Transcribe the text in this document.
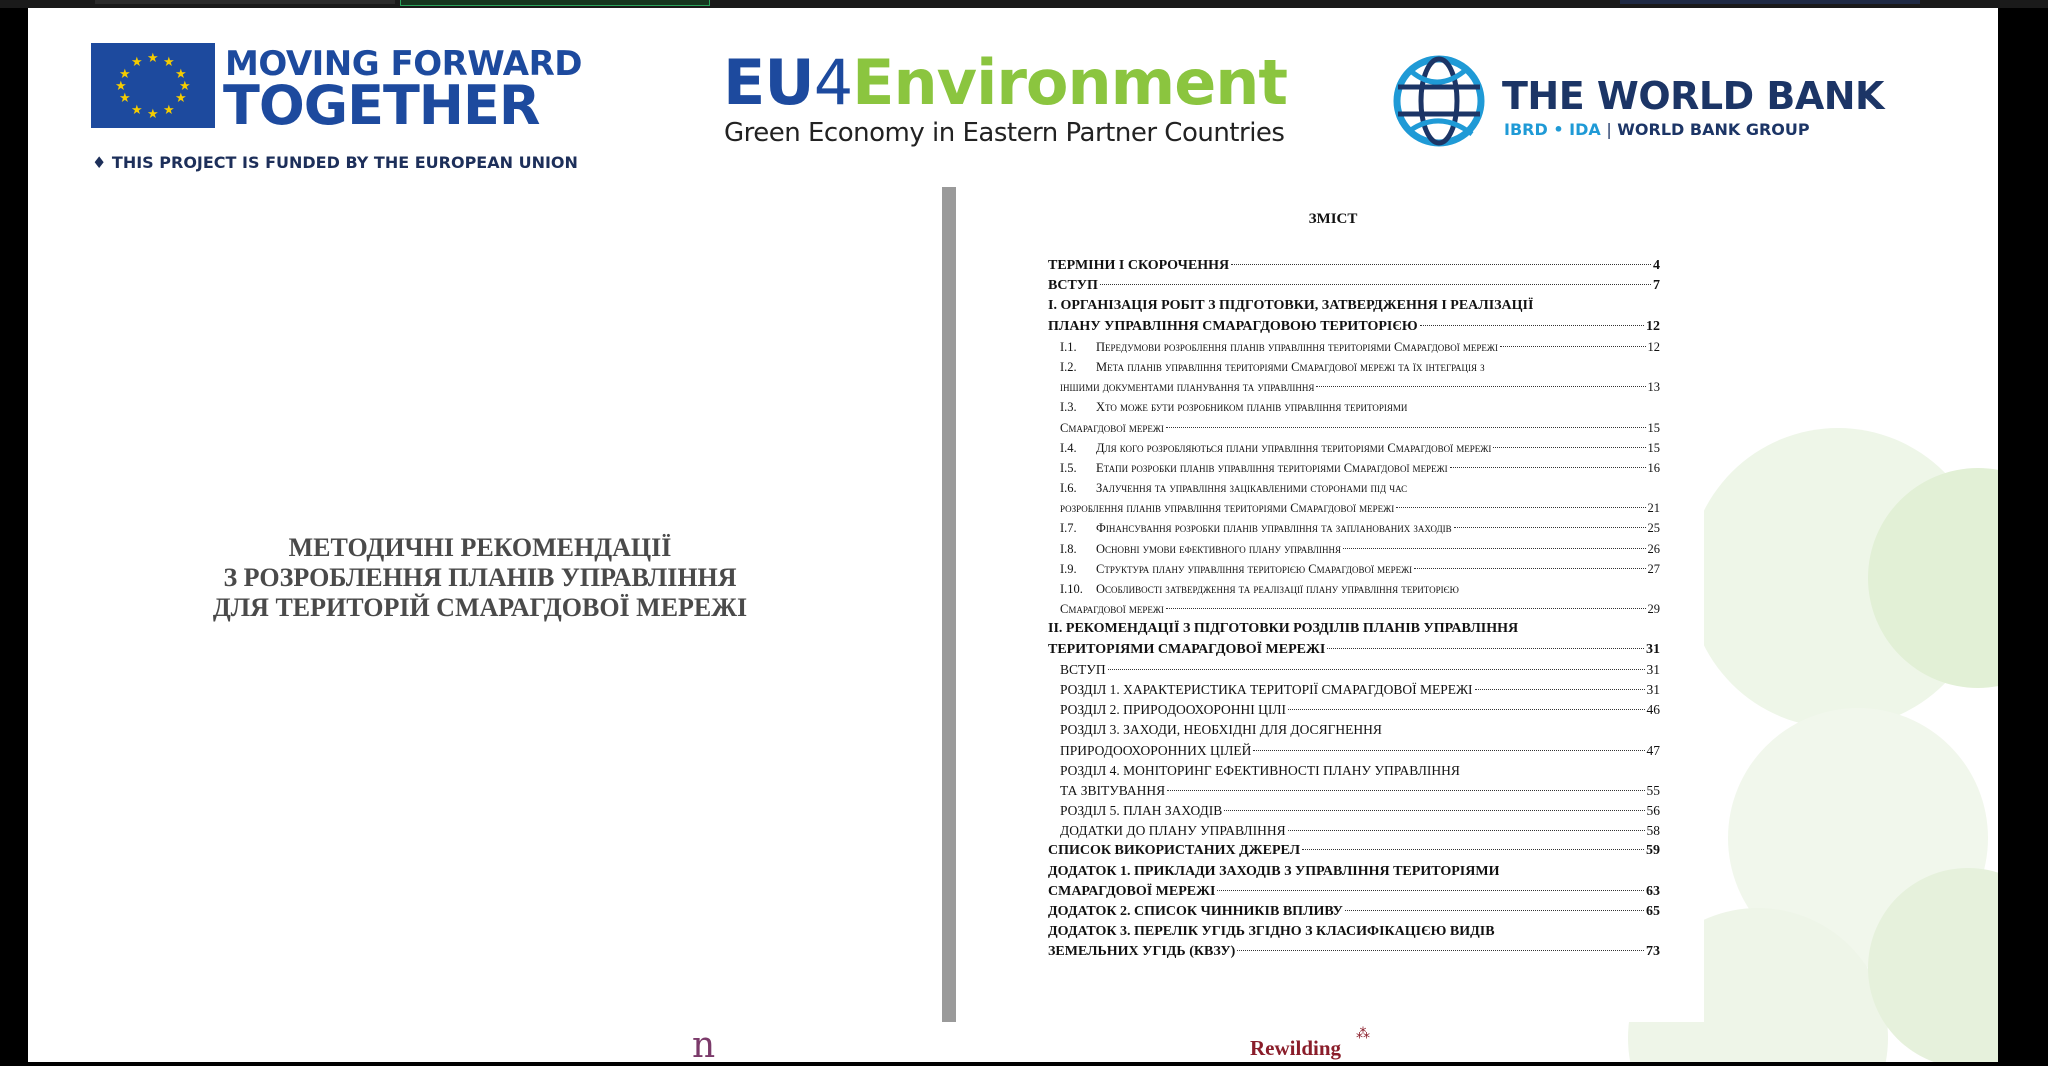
★ ★
★
★
★
★
★
★
★
★
★
★ MOVING FORWARD
TOGETHER
♦ THIS PROJECT IS FUNDED BY THE EUROPEAN UNION
EU4Environment
Green Economy in Eastern Partner Countries
THE WORLD BANK
IBRD • IDA | WORLD BANK GROUP
МЕТОДИЧНІ РЕКОМЕНДАЦІЇ
З РОЗРОБЛЕННЯ ПЛАНІВ УПРАВЛІННЯ
ДЛЯ ТЕРИТОРІЙ СМАРАГДОВОЇ МЕРЕЖІ
ЗМІСТ
ТЕРМІНИ І СКОРОЧЕННЯ	4
ВСТУП	7
І. ОРГАНІЗАЦІЯ РОБІТ З ПІДГОТОВКИ, ЗАТВЕРДЖЕННЯ І РЕАЛІЗАЦІЇ
ПЛАНУ УПРАВЛІННЯ СМАРАГДОВОЮ ТЕРИТОРІЄЮ	12
І.1. Передумови розроблення планів управління територіями Смарагдової мережі	12
І.2. Мета планів управління територіями Смарагдової мережі та їх інтеграція з
іншими документами планування та управління	13
І.3. Хто може бути розробником планів управління територіями
Смарагдової мережі	15
І.4. Для кого розробляються плани управління територіями Смарагдової мережі	15
І.5. Етапи розробки планів управління територіями Смарагдової мережі	16
І.6. Залучення та управління зацікавленими сторонами під час
розроблення планів управління територіями Смарагдової мережі	21
І.7. Фінансування розробки планів управління та запланованих заходів	25
І.8. Основні умови ефективного плану управління	26
І.9. Структура плану управління територією Смарагдової мережі	27
І.10. Особливості затвердження та реалізації плану управління територією
Смарагдової мережі	29
ІІ. РЕКОМЕНДАЦІЇ З ПІДГОТОВКИ РОЗДІЛІВ ПЛАНІВ УПРАВЛІННЯ
ТЕРИТОРІЯМИ СМАРАГДОВОЇ МЕРЕЖІ	31
ВСТУП	31
РОЗДІЛ 1. ХАРАКТЕРИСТИКА ТЕРИТОРІЇ СМАРАГДОВОЇ МЕРЕЖІ	31
РОЗДІЛ 2. ПРИРОДООХОРОННІ ЦІЛІ	46
РОЗДІЛ 3. ЗАХОДИ, НЕОБХІДНІ ДЛЯ ДОСЯГНЕННЯ
ПРИРОДООХОРОННИХ ЦІЛЕЙ	47
РОЗДІЛ 4. МОНІТОРИНГ ЕФЕКТИВНОСТІ ПЛАНУ УПРАВЛІННЯ
ТА ЗВІТУВАННЯ	55
РОЗДІЛ 5. ПЛАН ЗАХОДІВ	56
ДОДАТКИ ДО ПЛАНУ УПРАВЛІННЯ	58
СПИСОК ВИКОРИСТАНИХ ДЖЕРЕЛ	59
ДОДАТОК 1. ПРИКЛАДИ ЗАХОДІВ З УПРАВЛІННЯ ТЕРИТОРІЯМИ
СМАРАГДОВОЇ МЕРЕЖІ	63
ДОДАТОК 2. СПИСОК ЧИННИКІВ ВПЛИВУ	65
ДОДАТОК 3. ПЕРЕЛІК УГІДЬ ЗГІДНО З КЛАСИФІКАЦІЄЮ ВИДІВ
ЗЕМЕЛЬНИХ УГІДЬ (КВЗУ)	73
n	Rewilding
⁂
